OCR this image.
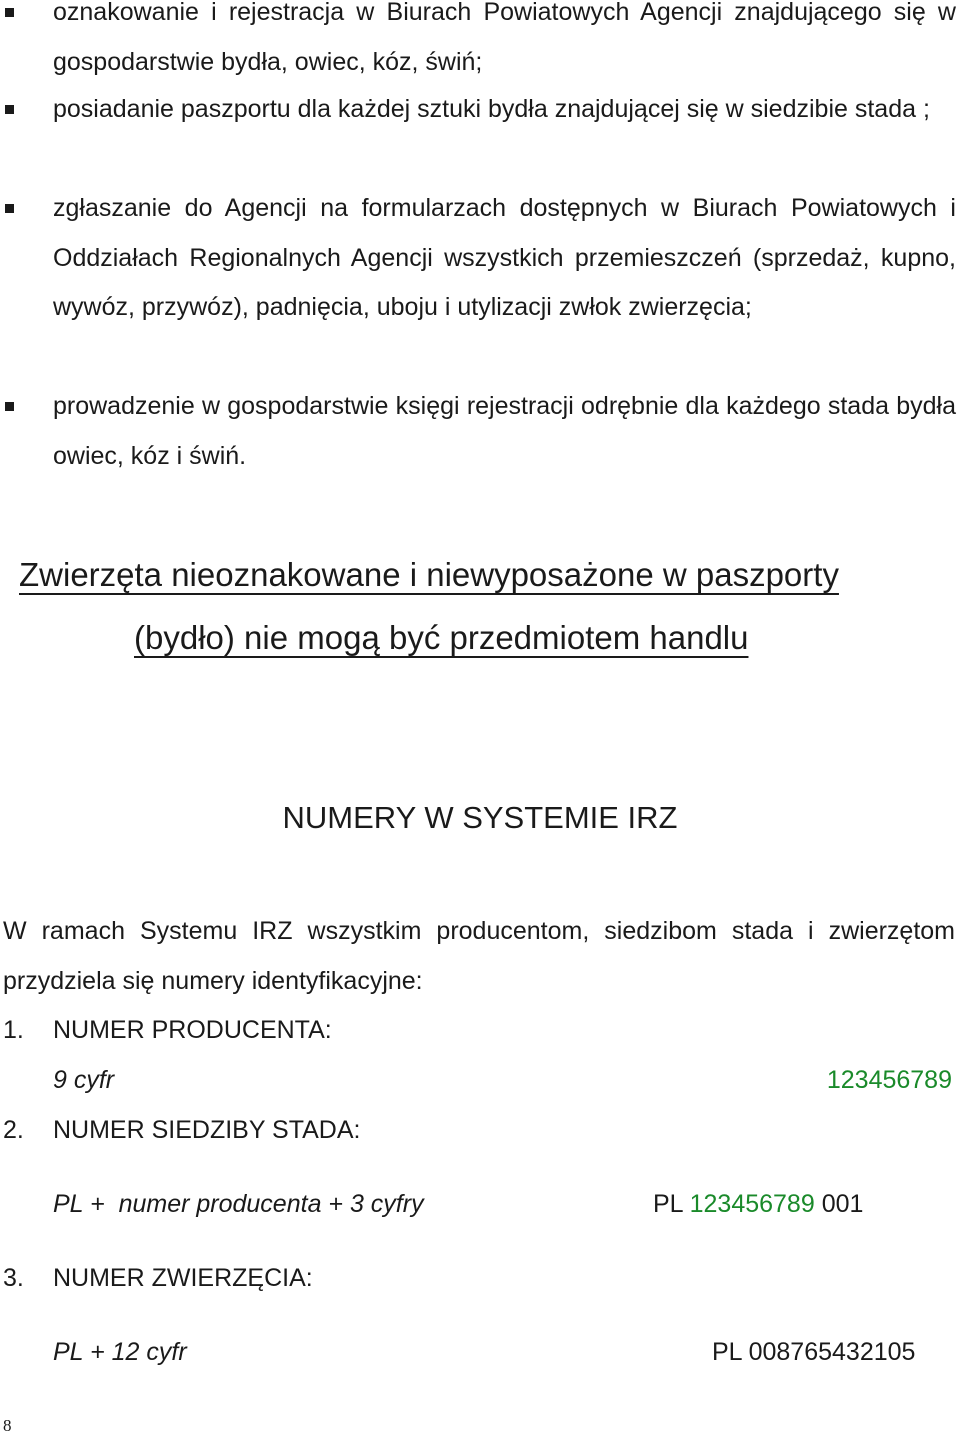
oznakowanie i rejestracja w Biurach Powiatowych Agencji znajdującego się w gospodarstwie bydła, owiec, kóz, świń;
posiadanie paszportu dla każdej sztuki bydła znajdującej się w siedzibie stada ;
zgłaszanie do Agencji na formularzach dostępnych w Biurach Powiatowych i Oddziałach Regionalnych Agencji wszystkich przemieszczeń (sprzedaż, kupno, wywóz, przywóz), padnięcia, uboju i utylizacji zwłok zwierzęcia;
prowadzenie w gospodarstwie księgi rejestracji odrębnie dla każdego stada bydła owiec, kóz i świń.
Zwierzęta nieoznakowane i niewyposażone w paszporty
(bydło) nie mogą być przedmiotem handlu
NUMERY W SYSTEMIE IRZ
W ramach Systemu IRZ wszystkim producentom, siedzibom stada i zwierzętom przydziela się numery identyfikacyjne:
1. NUMER PRODUCENTA:
9 cyfr	123456789
2. NUMER SIEDZIBY STADA:
PL +  numer producenta + 3 cyfry	PL 123456789 001
3. NUMER ZWIERZĘCIA:
PL + 12 cyfr	PL 00876543210​5
8
